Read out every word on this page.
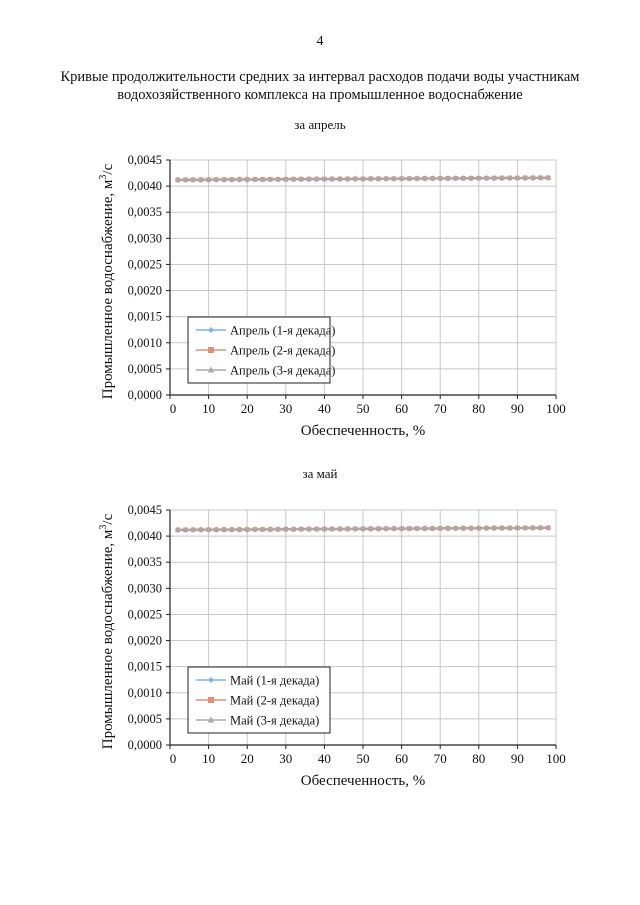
4
Кривые продолжительности средних за интервал расходов подачи воды участникам
водохозяйственного комплекса на промышленное водоснабжение
за апрель
0,0000
0,0005
0,0010
0,0015
0,0020
0,0025
0,0030
0,0035
0,0040
0,0045
0 10 20 30 40 50 60 70 80 90 100
Обеспеченность, %
Промышленное водоснабжение, $м^3/с$
Апрель (1-я декада)
Апрель (2-я декада)
Апрель (3-я декада)
за май
0,0000
0,0005
0,0010
0,0015
0,0020
0,0025
0,0030
0,0035
0,0040
0,0045
0 10 20 30 40 50 60 70 80 90 100
Обеспеченность, %
Промышленное водоснабжение, $м^3/с$
Май (1-я декада)
Май (2-я декада)
Май (3-я декада)
